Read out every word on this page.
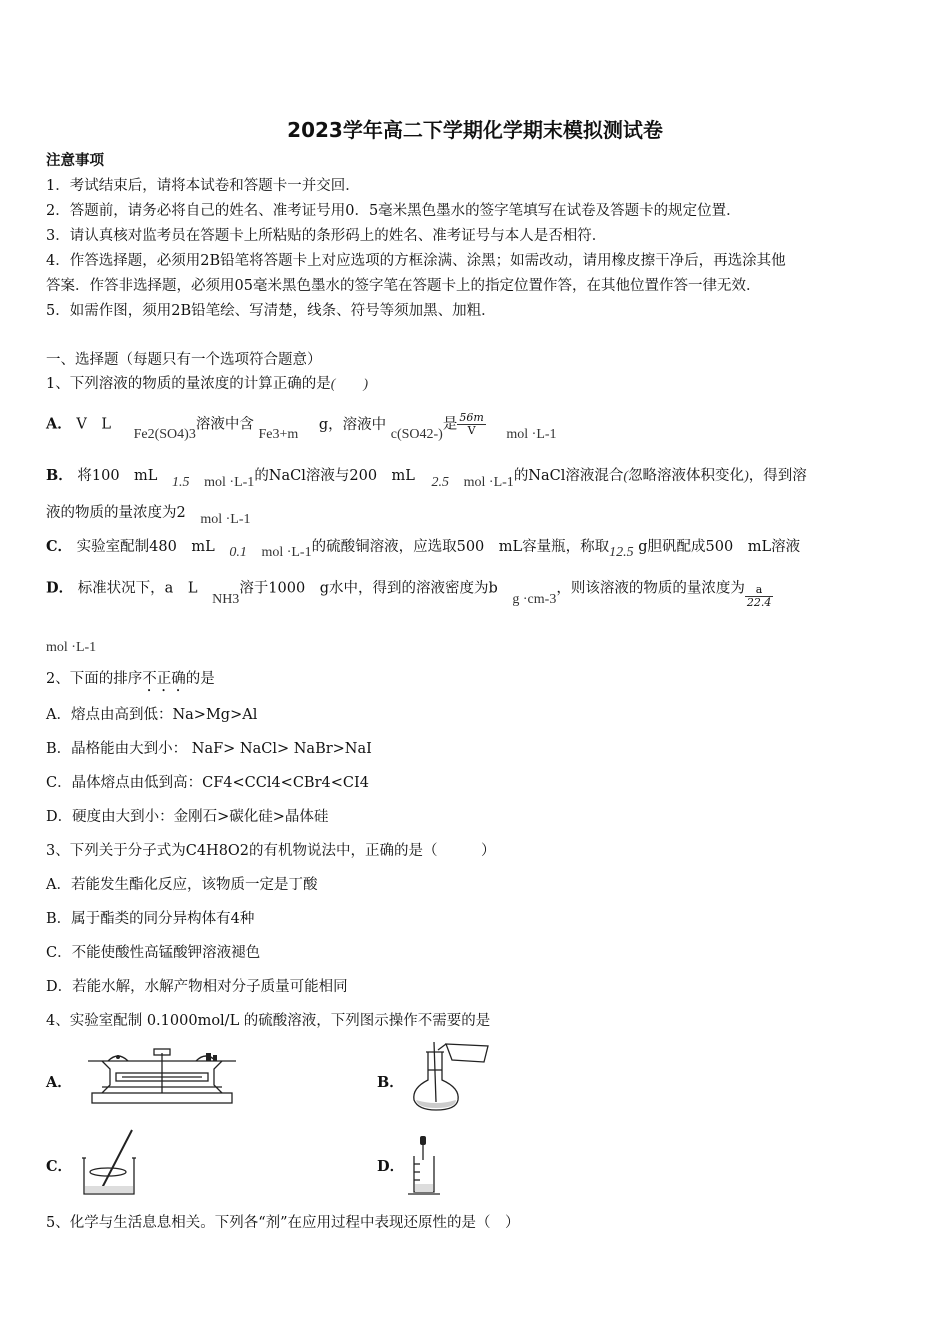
2023学年高二下学期化学期末模拟测试卷
注意事项
1．考试结束后，请将本试卷和答题卡一并交回．
2．答题前，请务必将自己的姓名、准考证号用0．5毫米黑色墨水的签字笔填写在试卷及答题卡的规定位置．
3．请认真核对监考员在答题卡上所粘贴的条形码上的姓名、准考证号与本人是否相符．
4．作答选择题，必须用2B铅笔将答题卡上对应选项的方框涂满、涂黑；如需改动，请用橡皮擦干净后，再选涂其他
答案．作答非选择题，必须用05毫米黑色墨水的签字笔在答题卡上的指定位置作答，在其他位置作答一律无效．
5．如需作图，须用2B铅笔绘、写清楚，线条、符号等须加黑、加粗．
一、选择题（每题只有一个选项符合题意）
1、下列溶液的物质的量浓度的计算正确的是(　　)
A． V　L Fe2(SO4)3溶液中含 Fe3+m g，溶液中 c(SO42-)是 $\frac{56m}{V}$ mol ·L-1
B． 将100　mL 1.5 mol ·L-1的NaCl溶液与200　mL 2.5 mol ·L-1的NaCl溶液混合(忽略溶液体积变化)，得到溶
液的物质的量浓度为2 mol ·L-1
C． 实验室配制480　mL 0.1 mol ·L-1的硫酸铜溶液，应选取500　mL容量瓶，称取12.5 g胆矾配成500　mL溶液
D． 标准状况下，a　L NH3溶于1000　g水中，得到的溶液密度为b g ·cm-3，则该溶液的物质的量浓度为 $\frac{a}{22.4}$
mol ·L-1
2、下面的排序不正确的是
A．熔点由高到低：Na>Mg>Al
B．晶格能由大到小： NaF> NaCl> NaBr>NaI
C．晶体熔点由低到高：CF4<CCl4<CBr4<CI4
D．硬度由大到小：金刚石>碳化硅>晶体硅
3、下列关于分子式为C4H8O2的有机物说法中，正确的是（　　　）
A．若能发生酯化反应，该物质一定是丁酸
B．属于酯类的同分异构体有4种
C．不能使酸性高锰酸钾溶液褪色
D．若能水解，水解产物相对分子质量可能相同
4、实验室配制 0.1000mol/L 的硫酸溶液，下列图示操作不需要的是
A．	B．
C．	D．
5、化学与生活息息相关。下列各“剂”在应用过程中表现还原性的是（　）
